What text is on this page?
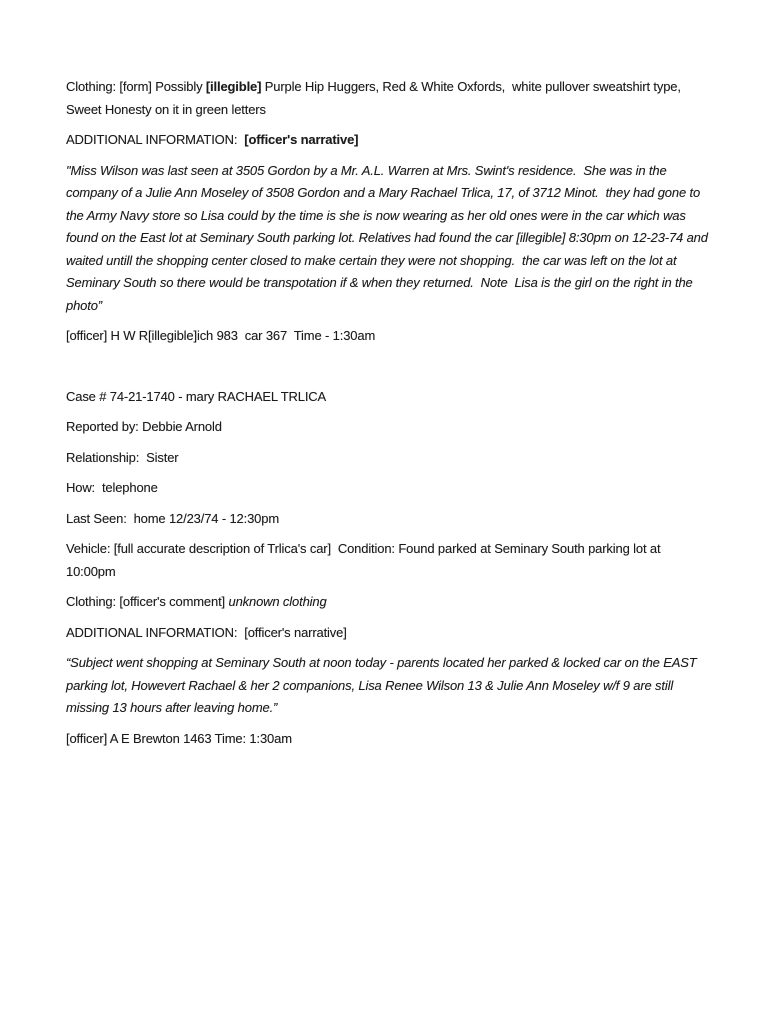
Clothing: [form] Possibly [illegible] Purple Hip Huggers, Red & White Oxfords,  white pullover sweatshirt type, Sweet Honesty on it in green letters

ADDITIONAL INFORMATION:  [officer's narrative]

"Miss Wilson was last seen at 3505 Gordon by a Mr. A.L. Warren at Mrs. Swint's residence.  She was in the company of a Julie Ann Moseley of 3508 Gordon and a Mary Rachael Trlica, 17, of 3712 Minot.  they had gone to the Army Navy store so Lisa could by the time is she is now wearing as her old ones were in the car which was found on the East lot at Seminary South parking lot. Relatives had found the car [illegible] 8:30pm on 12-23-74 and waited untill the shopping center closed to make certain they were not shopping.  the car was left on the lot at Seminary South so there would be transpotation if & when they returned.  Note  Lisa is the girl on the right in the photo”

[officer] H W R[illegible]ich 983  car 367  Time - 1:30am

Case # 74-21-1740 - mary RACHAEL TRLICA

Reported by: Debbie Arnold

Relationship:  Sister

How:  telephone

Last Seen:  home 12/23/74 - 12:30pm

Vehicle: [full accurate description of Trlica's car]  Condition: Found parked at Seminary South parking lot at 10:00pm

Clothing: [officer's comment] unknown clothing

ADDITIONAL INFORMATION:  [officer's narrative]

“Subject went shopping at Seminary South at noon today - parents located her parked & locked car on the EAST parking lot, Howevert Rachael & her 2 companions, Lisa Renee Wilson 13 & Julie Ann Moseley w/f 9 are still missing 13 hours after leaving home.”

[officer] A E Brewton 1463 Time: 1:30am
